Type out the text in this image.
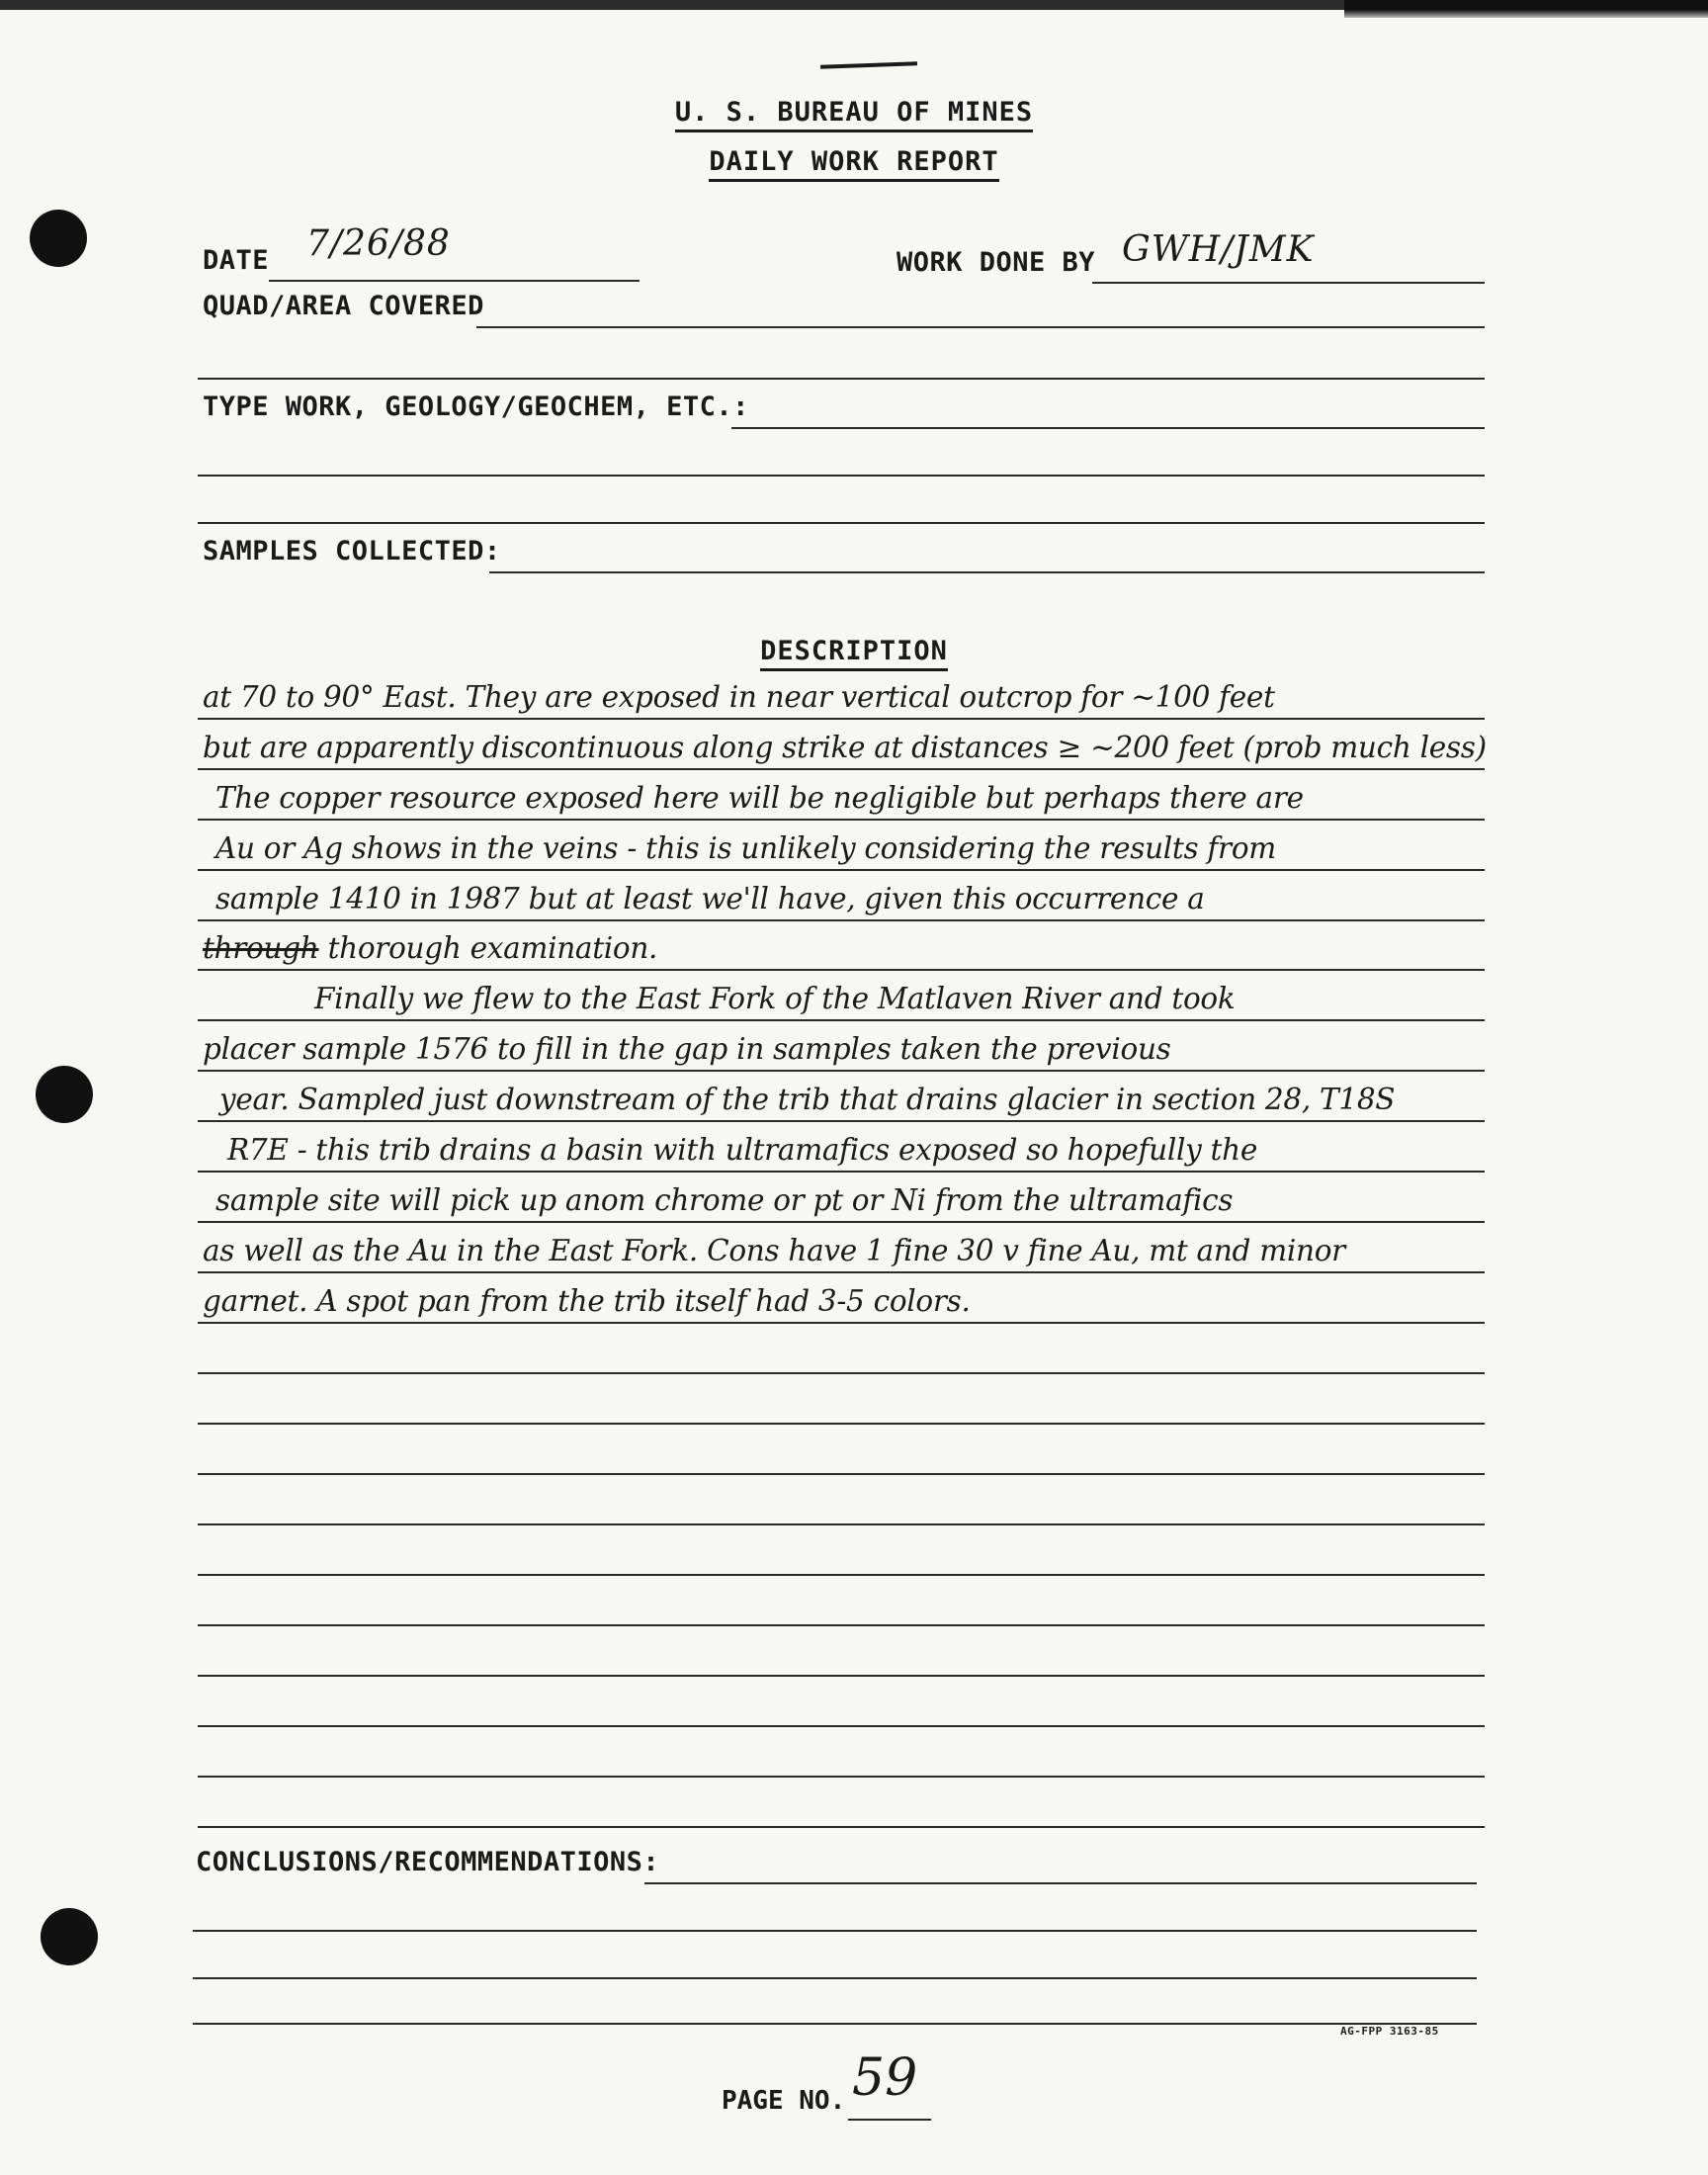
U. S. BUREAU OF MINES
DAILY WORK REPORT
DATE 7/26/88	WORK DONE BY GWH/JMK
QUAD/AREA COVERED
TYPE WORK, GEOLOGY/GEOCHEM, ETC.:
SAMPLES COLLECTED:
DESCRIPTION
at 70 to 90° East. They are exposed in near vertical outcrop for ~100 feet
but are apparently discontinuous along strike at distances ≥ ~200 feet (prob much less)
The copper resource exposed here will be negligible but perhaps there are
Au or Ag shows in the veins - this is unlikely considering the results from
sample 1410 in 1987 but at least we'll have, given this occurrence a
through thorough examination.
Finally we flew to the East Fork of the Matlaven River and took
placer sample 1576 to fill in the gap in samples taken the previous
year. Sampled just downstream of the trib that drains glacier in section 28, T18S
R7E - this trib drains a basin with ultramafics exposed so hopefully the
sample site will pick up anom chrome or pt or Ni from the ultramafics
as well as the Au in the East Fork. Cons have 1 fine 30 v fine Au, mt and minor
garnet. A spot pan from the trib itself had 3-5 colors.
CONCLUSIONS/RECOMMENDATIONS:
AG-FPP 3163-85
PAGE NO. 59
